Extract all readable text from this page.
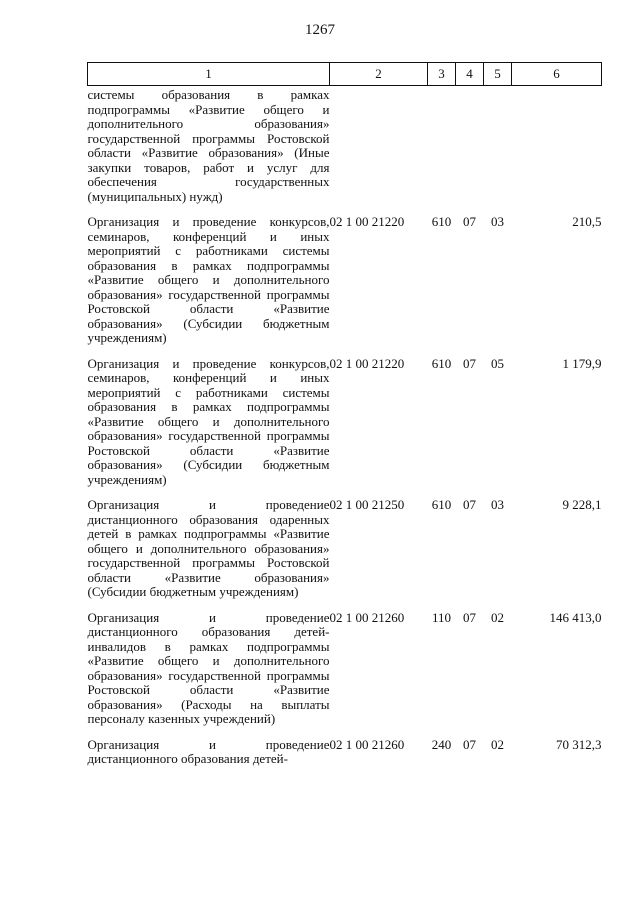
1267
1	2	3	4	5	6
системы образования в рамках подпрограммы «Развитие общего и дополнительного образования» государственной программы Ростовской области «Развитие образования» (Иные закупки товаров, работ и услуг для обеспечения государственных (муниципальных) нужд)					
Организация и проведение конкурсов, семинаров, конференций и иных мероприятий с работниками системы образования в рамках подпрограммы «Развитие общего и дополнительного образования» государственной программы Ростовской области «Развитие образования» (Субсидии бюджетным учреждениям)	02 1 00 21220	610	07	03	210,5
Организация и проведение конкурсов, семинаров, конференций и иных мероприятий с работниками системы образования в рамках подпрограммы «Развитие общего и дополнительного образования» государственной программы Ростовской области «Развитие образования» (Субсидии бюджетным учреждениям)	02 1 00 21220	610	07	05	1 179,9
Организация и проведение дистанционного образования одаренных детей в рамках подпрограммы «Развитие общего и дополнительного образования» государственной программы Ростовской области «Развитие образования» (Субсидии бюджетным учреждениям)	02 1 00 21250	610	07	03	9 228,1
Организация и проведение дистанционного образования детей-инвалидов в рамках подпрограммы «Развитие общего и дополнительного образования» государственной программы Ростовской области «Развитие образования» (Расходы на выплаты персоналу казенных учреждений)	02 1 00 21260	110	07	02	146 413,0
Организация и проведение дистанционного образования детей-	02 1 00 21260	240	07	02	70 312,3
